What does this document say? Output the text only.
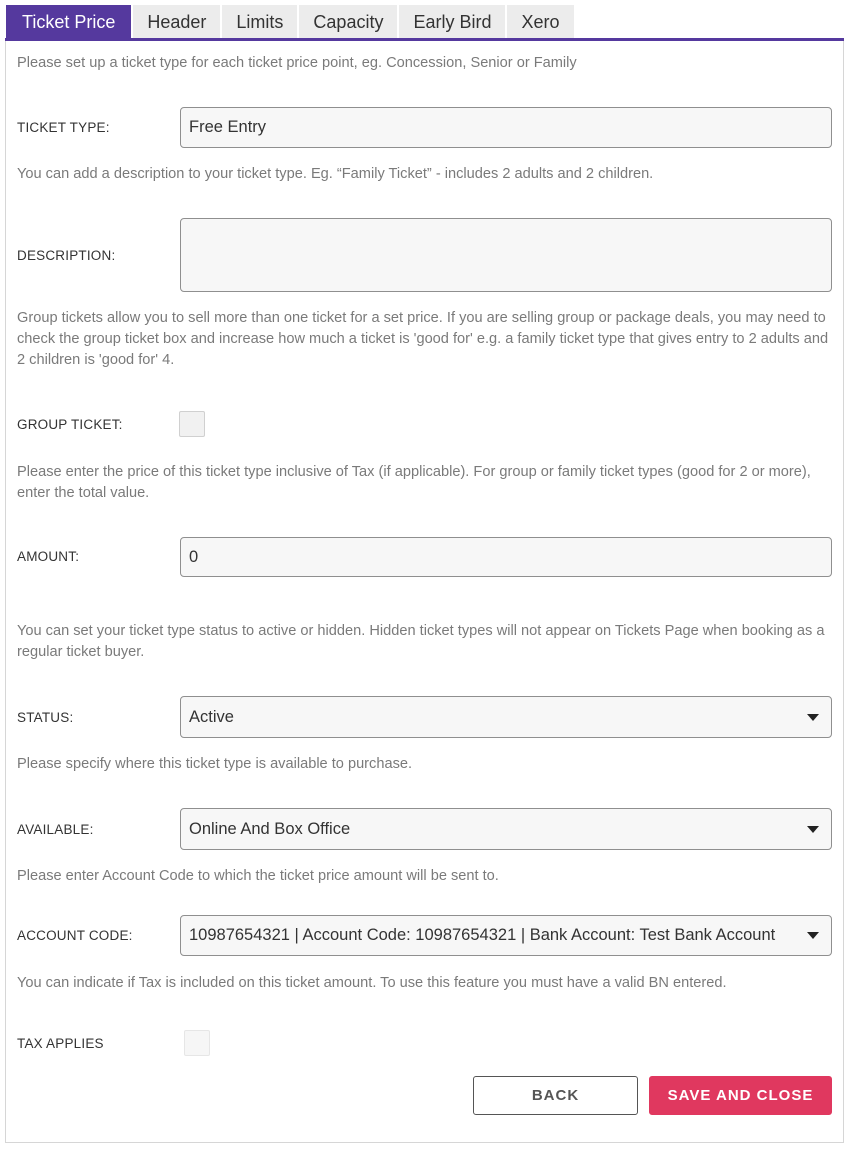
Ticket Price	Header	Limits	Capacity	Early Bird	Xero
Please set up a ticket type for each ticket price point, eg. Concession, Senior or Family
TICKET TYPE:
Free Entry
You can add a description to your ticket type. Eg. “Family Ticket” - includes 2 adults and 2 children.
DESCRIPTION:
Group tickets allow you to sell more than one ticket for a set price. If you are selling group or package deals, you may need to check the group ticket box and increase how much a ticket is 'good for' e.g. a family ticket type that gives entry to 2 adults and 2 children is 'good for' 4.
GROUP TICKET:
Please enter the price of this ticket type inclusive of Tax (if applicable). For group or family ticket types (good for 2 or more), enter the total value.
AMOUNT:
0
You can set your ticket type status to active or hidden. Hidden ticket types will not appear on Tickets Page when booking as a regular ticket buyer.
STATUS:	Active
Please specify where this ticket type is available to purchase.
AVAILABLE:	Online And Box Office
Please enter Account Code to which the ticket price amount will be sent to.
ACCOUNT CODE:	10987654321 | Account Code: 10987654321 | Bank Account: Test Bank Account
You can indicate if Tax is included on this ticket amount. To use this feature you must have a valid BN entered.
TAX APPLIES
BACK	SAVE AND CLOSE
